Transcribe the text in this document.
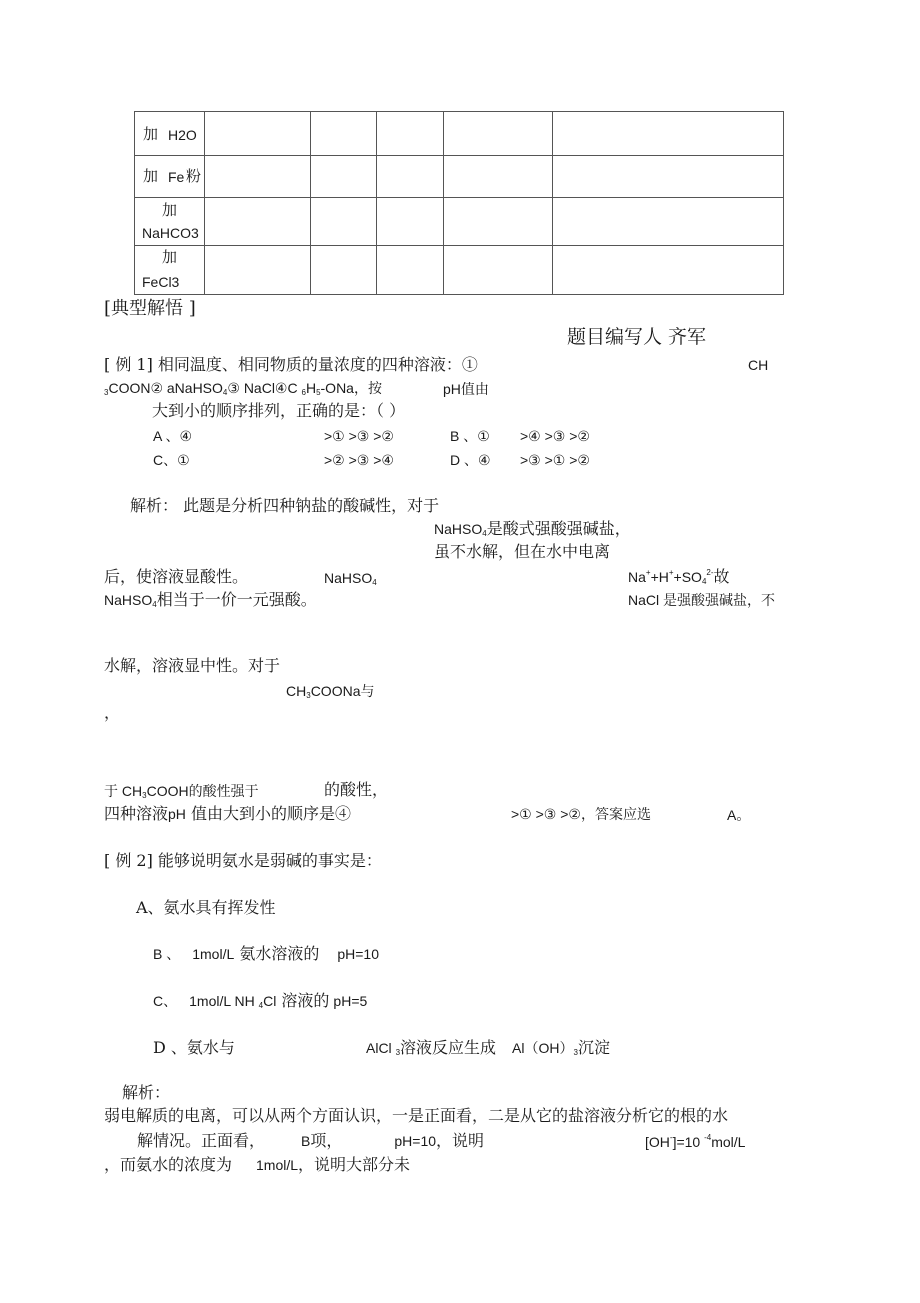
加 H2O					

加 Fe 粉					

加
NaHCO3					

加
FeCl3					

[典型解悟 ]
题目编写人 齐军
[ 例 1] 相同温度、相同物质的量浓度的四种溶液：①	CH
$_3$COON② aNaHSO$_4$③ NaCl④C $_6H_5$-ONa，按	pH值由
大到小的顺序排列，正确的是：（ ）
A 、④	>① >③ >②	B 、① >④ >③ >②
C、①	>② >③ >④	D 、④ >③ >① >②
解析： 此题是分析四种钠盐的酸碱性，对于
NaHSO$_4$是酸式强酸强碱盐，
虽不水解，但在水中电离
后，使溶液显酸性。	NaHSO$_4$	$Na^++H^++SO_4^{2-}$故
NaHSO$_4$相当于一价一元强酸。	NaCl 是强酸强碱盐，不
水解，溶液显中性。对于
$CH_3COONa$与
，
于 $CH_3COOH$的酸性强于	的酸性，
四种溶液pH 值由大到小的顺序是④	>① >③ >②，答案应选	A。
[ 例 2] 能够说明氨水是弱碱的事实是：
A、氨水具有挥发性
B 、 1mol/L 氨水溶液的 pH=10
C、 1mol/L NH $_4$Cl 溶液的 pH=5
D 、氨水与	AlCl $_3$溶液反应生成 $Al(OH)_3$沉淀
解析：
弱电解质的电离，可以从两个方面认识，一是正面看，二是从它的盐溶液分析它的根的水
解情况。正面看，	B项，	pH=10，说明	[OH-]=10 $^{-4}$mol/L
，而氨水的浓度为 1mol/L，说明大部分未
